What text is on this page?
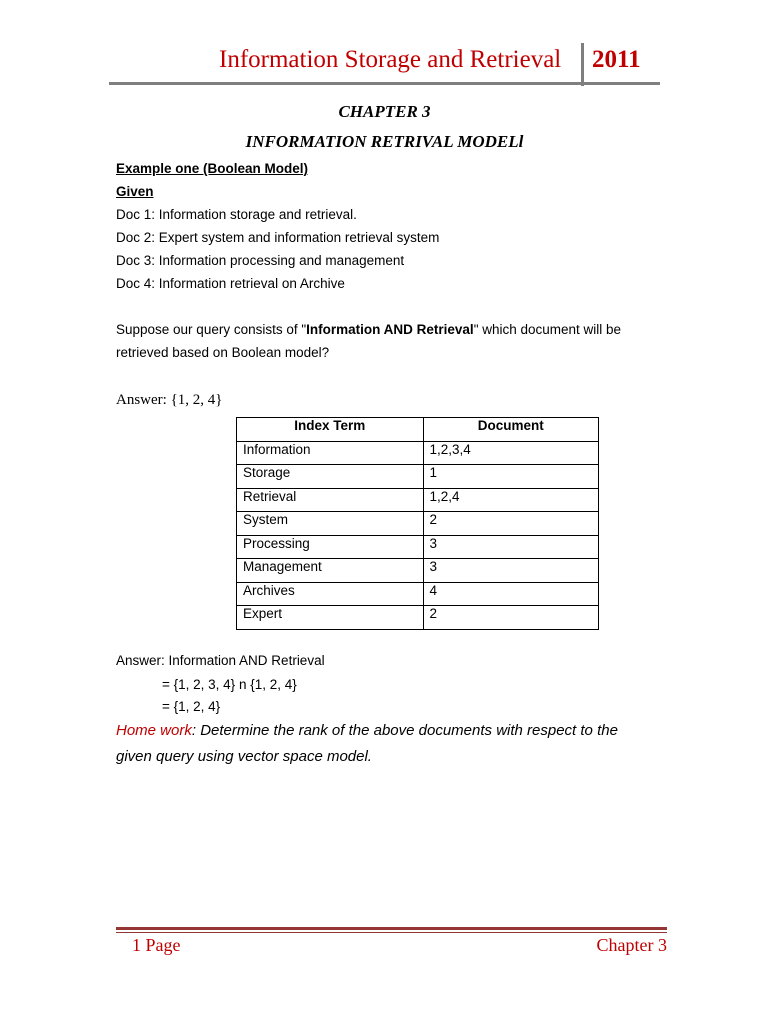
Information Storage and Retrieval 2011
CHAPTER 3
INFORMATION RETRIVAL MODELl
Example one (Boolean Model)
Given
Doc 1: Information storage and retrieval.
Doc 2: Expert system and information retrieval system
Doc 3: Information processing and management
Doc 4: Information retrieval on Archive
Suppose our query consists of "Information AND Retrieval" which document will be
retrieved based on Boolean model?
Answer: {1, 2, 4}
Index Term	Document
Information	1,2,3,4
Storage	1
Retrieval	1,2,4
System	2
Processing	3
Management	3
Archives	4
Expert	2
Answer: Information AND Retrieval
= {1, 2, 3, 4} n {1, 2, 4}
= {1, 2, 4}
Home work: Determine the rank of the above documents with respect to the
given query using vector space model.
1 Page	Chapter 3
